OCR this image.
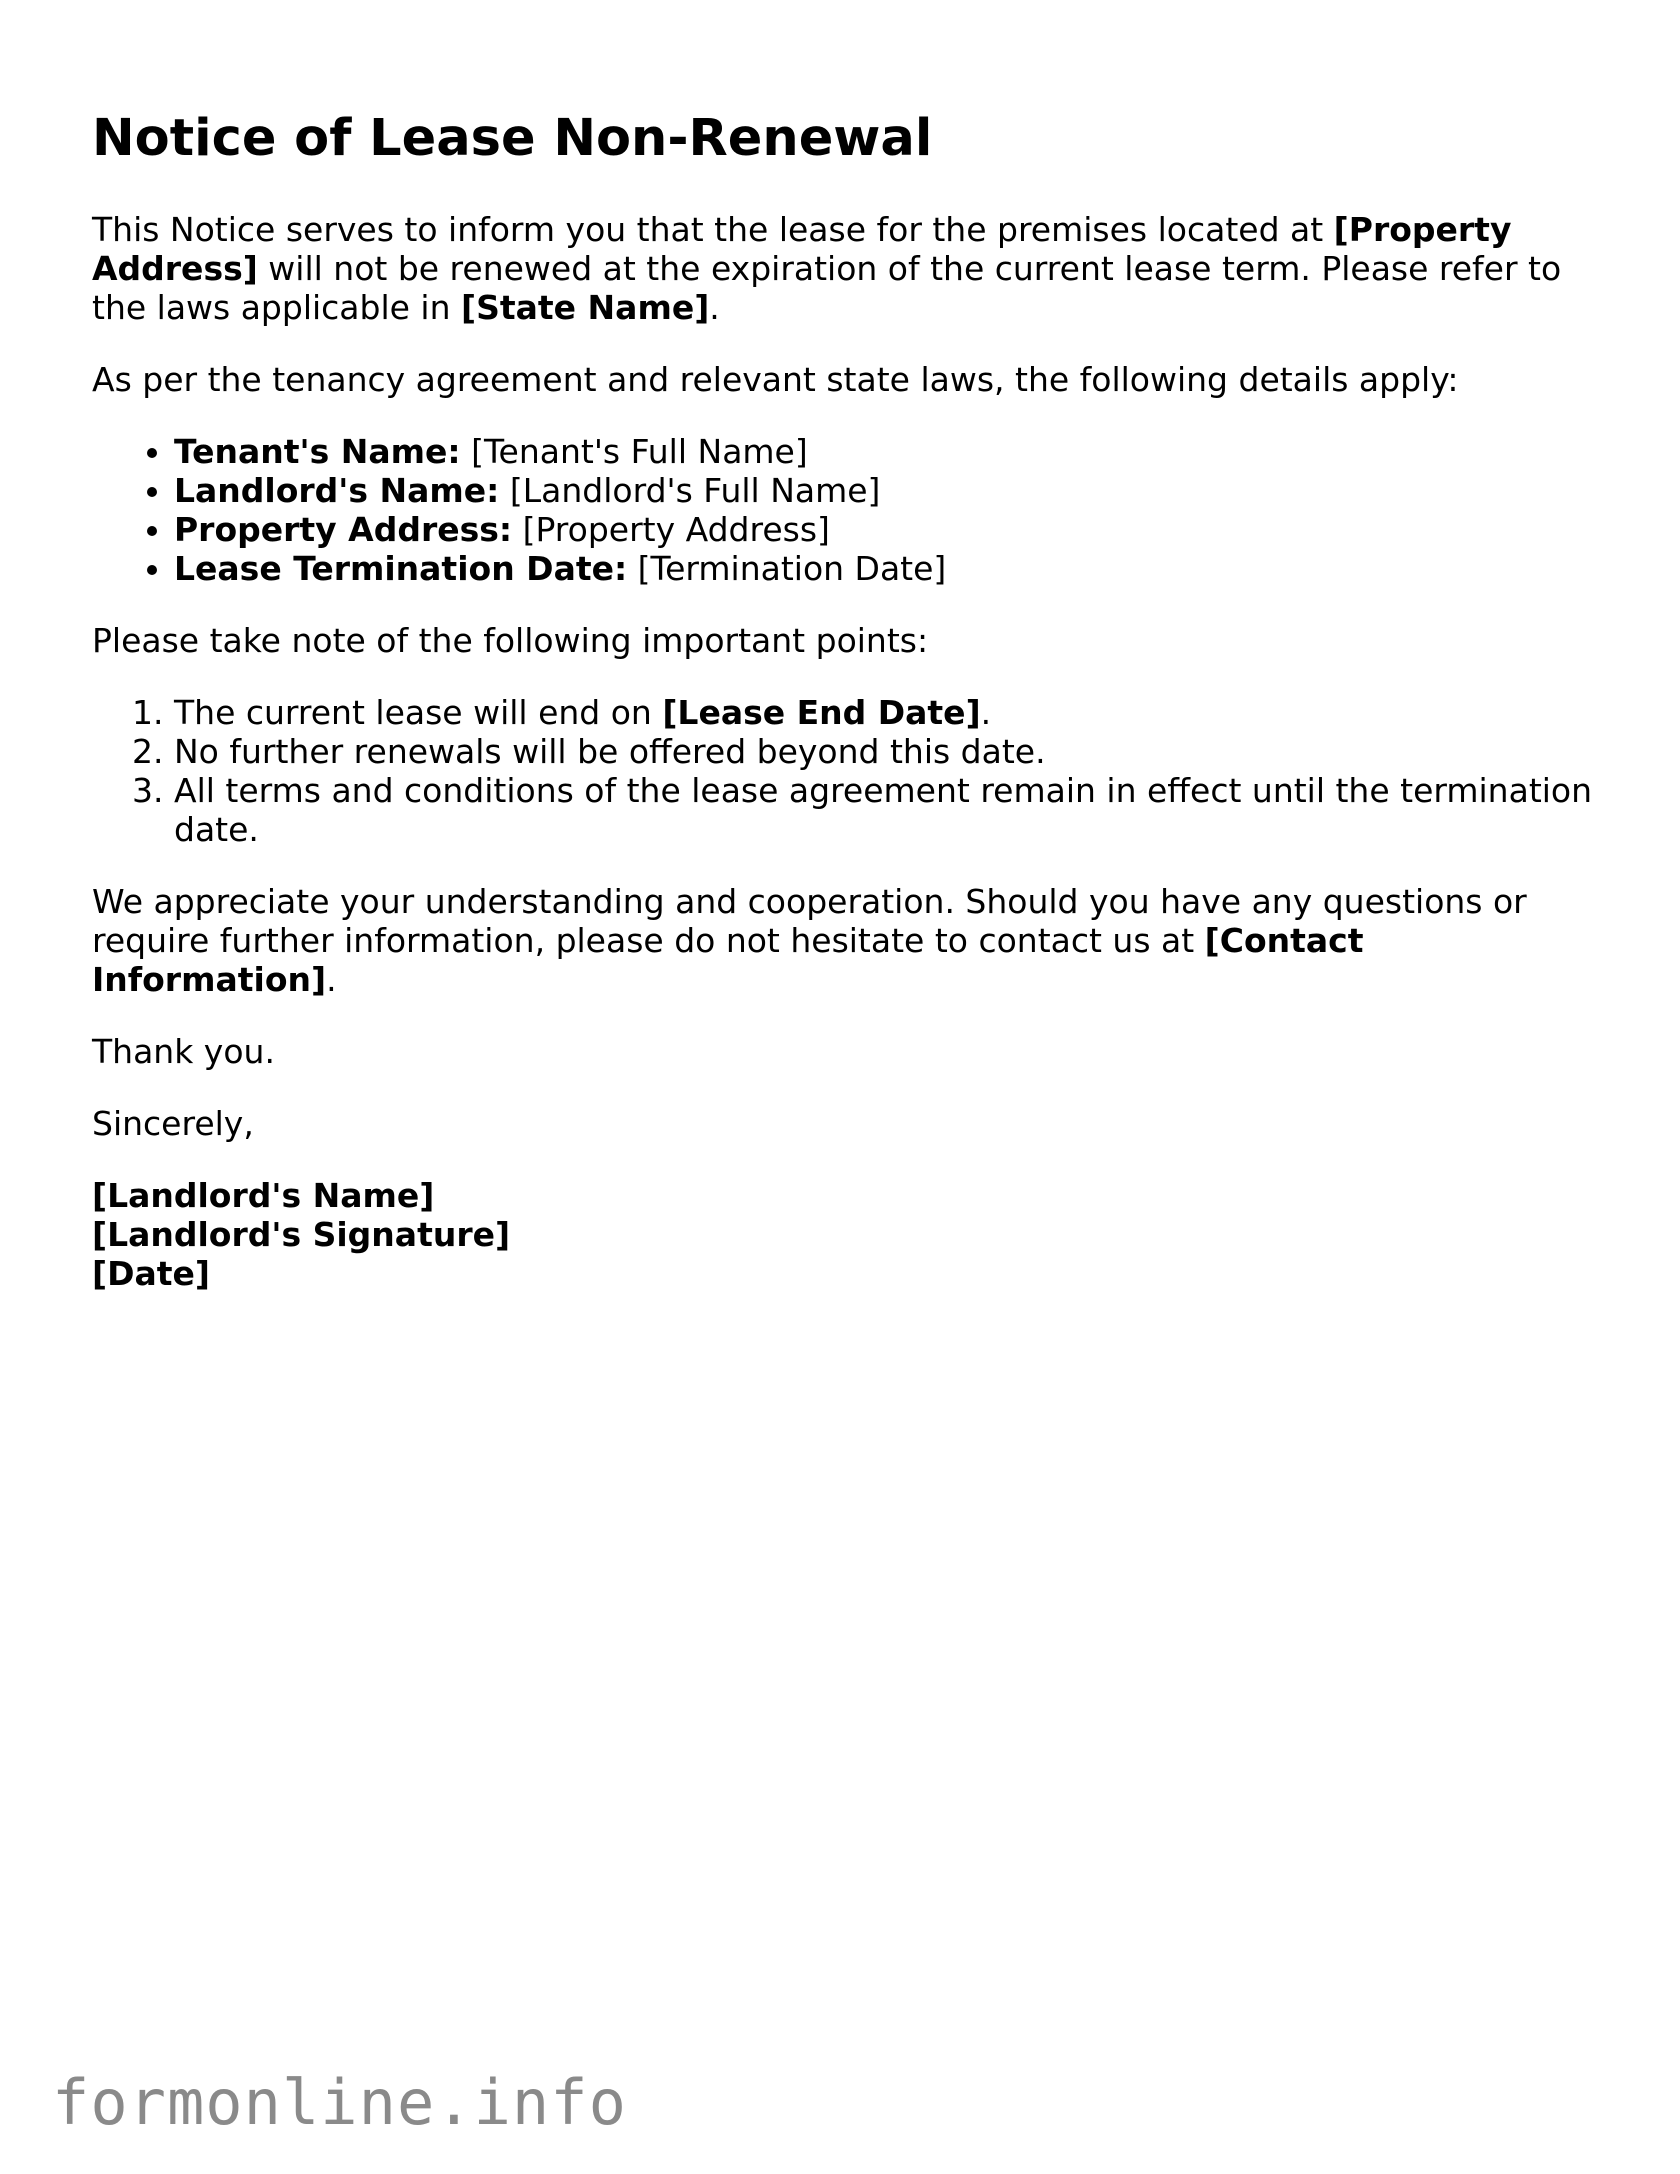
Notice of Lease Non-Renewal

This Notice serves to inform you that the lease for the premises located at [Property Address] will not be renewed at the expiration of the current lease term. Please refer to the laws applicable in [State Name].

As per the tenancy agreement and relevant state laws, the following details apply:

• Tenant's Name: [Tenant's Full Name]
• Landlord's Name: [Landlord's Full Name]
• Property Address: [Property Address]
• Lease Termination Date: [Termination Date]

Please take note of the following important points:

1. The current lease will end on [Lease End Date].
2. No further renewals will be offered beyond this date.
3. All terms and conditions of the lease agreement remain in effect until the termination date.

We appreciate your understanding and cooperation. Should you have any questions or require further information, please do not hesitate to contact us at [Contact Information].

Thank you.

Sincerely,

[Landlord's Name]
[Landlord's Signature]
[Date]
formonline.info
